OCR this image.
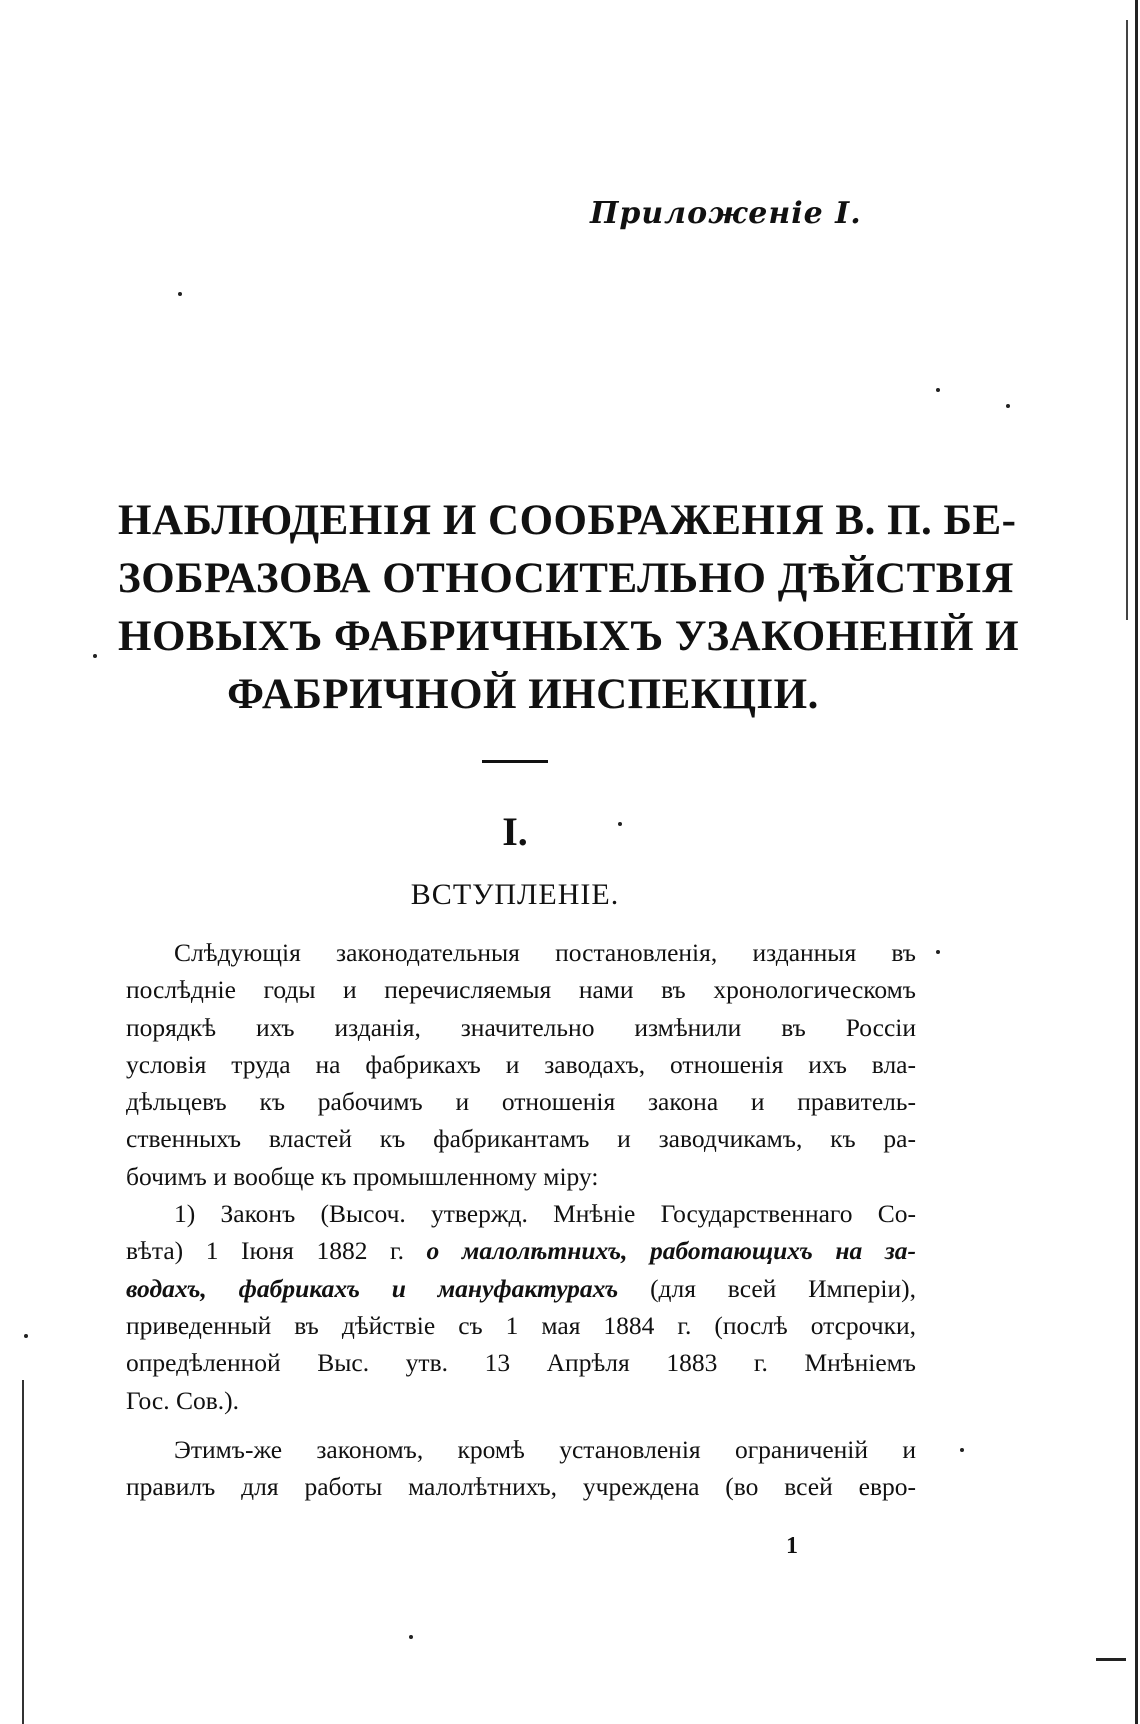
Приложеніе I.
НАБЛЮДЕНІЯ И СООБРАЖЕНІЯ В. П. БЕ-
ЗОБРАЗОВА ОТНОСИТЕЛЬНО ДѢЙСТВІЯ
НОВЫХЪ ФАБРИЧНЫХЪ УЗАКОНЕНІЙ И
ФАБРИЧНОЙ ИНСПЕКЦІИ.
I.
ВСТУПЛЕНІЕ.
Слѣдующія законодательныя постановленія, изданныя въ
послѣдніе годы и перечисляемыя нами въ хронологическомъ
порядкѣ ихъ изданія, значительно измѣнили въ Россіи
условія труда на фабрикахъ и заводахъ, отношенія ихъ вла-
дѣльцевъ къ рабочимъ и отношенія закона и правитель-
ственныхъ властей къ фабрикантамъ и заводчикамъ, къ ра-
бочимъ и вообще къ промышленному міру:
1) Законъ (Высоч. утвержд. Мнѣніе Государственнаго Со-
вѣта) 1 Іюня 1882 г. о малолѣтнихъ, работающихъ на за-
водахъ, фабрикахъ и мануфактурахъ (для всей Имперіи),
приведенный въ дѣйствіе съ 1 мая 1884 г. (послѣ отсрочки,
опредѣленной Выс. утв. 13 Апрѣля 1883 г. Мнѣніемъ
Гос. Сов.).
Этимъ-же закономъ, кромѣ установленія ограниченій и
правилъ для работы малолѣтнихъ, учреждена (во всей евро-
1
